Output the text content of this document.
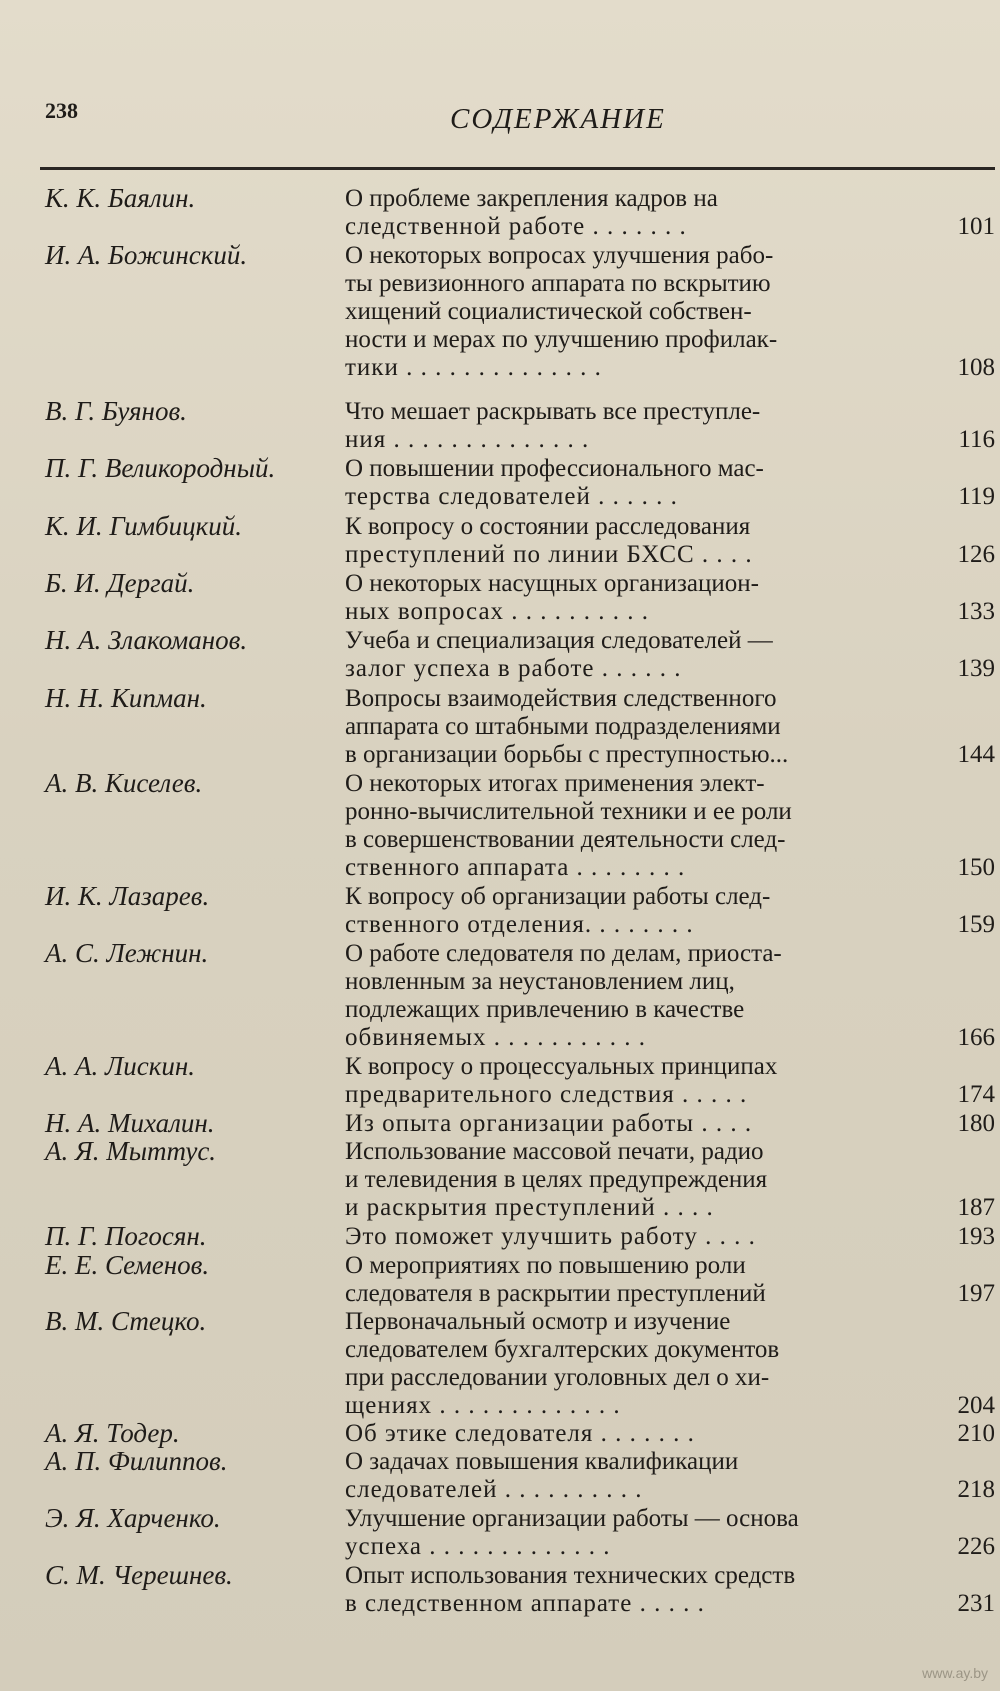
238	СОДЕРЖАНИЕ
К. К. Баялин.	О проблеме закрепления кадров на
следственной работе . . . . . . .	101
И. А. Божинский.	О некоторых вопросах улучшения рабо-
ты ревизионного аппарата по вскрытию
хищений социалистической собствен-
ности и мерах по улучшению профилак-
тики . . . . . . . . . . . . . .	108
В. Г. Буянов.	Что мешает раскрывать все преступле-
ния . . . . . . . . . . . . . .	116
П. Г. Великородный.	О повышении профессионального мас-
терства следователей . . . . . .	119
К. И. Гимбицкий.	К вопросу о состоянии расследования
преступлений по линии БХСС . . . .	126
Б. И. Дергай.	О некоторых насущных организацион-
ных вопросах . . . . . . . . . .	133
Н. А. Злакоманов.	Учеба и специализация следователей —
залог успеха в работе . . . . . .	139
Н. Н. Кипман.	Вопросы взаимодействия следственного
аппарата со штабными подразделениями
в организации борьбы с преступностью...	144
А. В. Киселев.	О некоторых итогах применения элект-
ронно-вычислительной техники и ее роли
в совершенствовании деятельности след-
ственного аппарата . . . . . . . .	150
И. К. Лазарев.	К вопросу об организации работы след-
ственного отделения. . . . . . . .	159
А. С. Лежнин.	О работе следователя по делам, приоста-
новленным за неустановлением лиц,
подлежащих привлечению в качестве
обвиняемых . . . . . . . . . . .	166
А. А. Лискин.	К вопросу о процессуальных принципах
предварительного следствия . . . . .	174
Н. А. Михалин.	Из опыта организации работы . . . .	180
А. Я. Мыттус.	Использование массовой печати, радио
и телевидения в целях предупреждения
и раскрытия преступлений . . . .	187
П. Г. Погосян.	Это поможет улучшить работу . . . .	193
Е. Е. Семенов.	О мероприятиях по повышению роли
следователя в раскрытии преступлений	197
В. М. Стецко.	Первоначальный осмотр и изучение
следователем бухгалтерских документов
при расследовании уголовных дел о хи-
щениях . . . . . . . . . . . . .	204
А. Я. Тодер.	Об этике следователя . . . . . . .	210
А. П. Филиппов.	О задачах повышения квалификации
следователей . . . . . . . . . .	218
Э. Я. Харченко.	Улучшение организации работы — основа
успеха . . . . . . . . . . . . .	226
С. М. Черешнев.	Опыт использования технических средств
в следственном аппарате . . . . .	231
www.ay.by
